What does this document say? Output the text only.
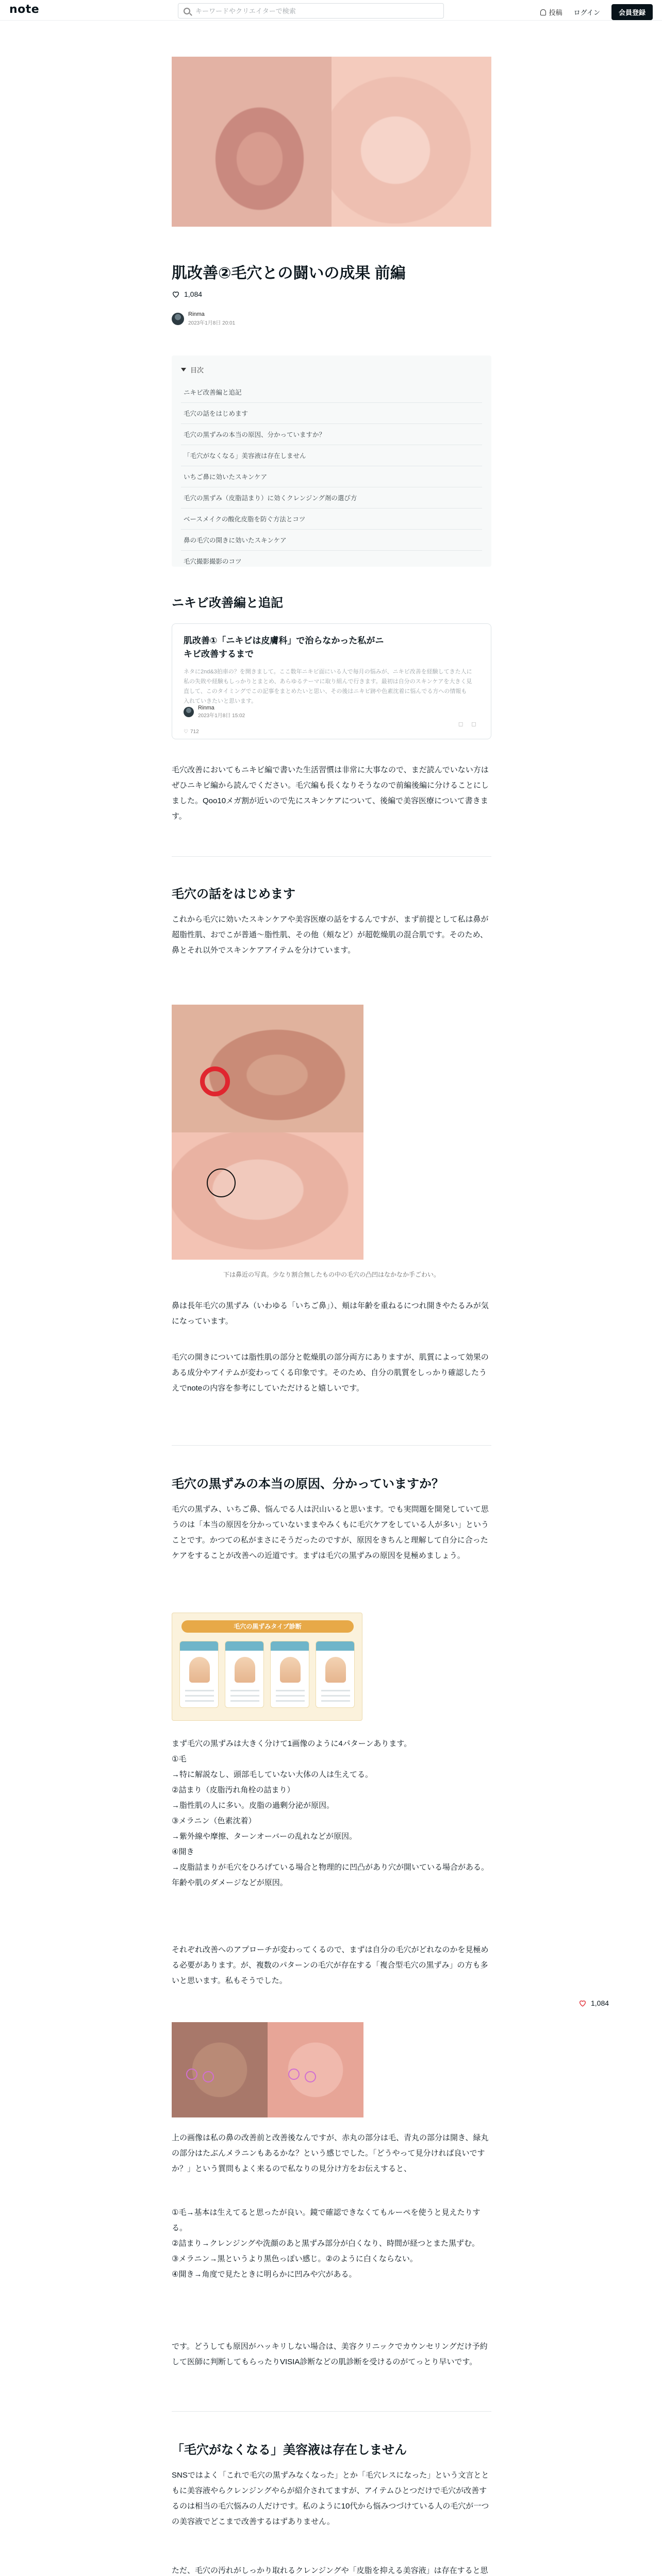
note
キーワードやクリエイターで検索	投稿 ログイン	会員登録
肌改善②毛穴との闘いの成果 前編
1,084
Rinma
2023年1月8日 20:01
目次
ニキビ改善編と追記
毛穴の話をはじめます
毛穴の黒ずみの本当の原因、分かっていますか？
「毛穴がなくなる」美容液は存在しません
いちご鼻に効いたスキンケア
毛穴の黒ずみ（皮脂詰まり）に効くクレンジング剤の選び方
ベースメイクの酸化皮脂を防ぐ方法とコツ
鼻の毛穴の開きに効いたスキンケア
毛穴撮影撮影のコツ
ニキビ改善編と追記
肌改善①「ニキビは皮膚科」で治らなかった私がニキビ改善するまで
ネタに2nd&3拍車の？を開きまして。ここ数年ニキビ面にいる人で毎月の悩みが、ニキビ改善を経験してきた人に私の失敗や経験もしっかりとまとめ、あらゆるテーマに取り組んで行きます。最初は自分のスキンケアを大きく見直して、このタイミングでこの記事をまとめたいと思い、その後はニキビ跡や色素沈着に悩んでる方への情報も入れていきたいと思います。
Rinma
2023年1月8日 15:02
♡ 712
◻ ◻
毛穴改善においてもニキビ編で書いた生活習慣は非常に大事なので、まだ読んでいない方はぜひニキビ編から読んでください。毛穴編も長くなりそうなので前編後編に分けることにしました。Qoo10メガ割が近いので先にスキンケアについて、後編で美容医療について書きます。
毛穴の話をはじめます
これから毛穴に効いたスキンケアや美容医療の話をするんですが、まず前提として私は鼻が超脂性肌、おでこが普通〜脂性肌、その他（頬など）が超乾燥肌の混合肌です。そのため、鼻とそれ以外でスキンケアアイテムを分けています。
下は鼻近の写真。少なり割合無したもの中の毛穴の凸凹はなかなか手ごわい。
鼻は長年毛穴の黒ずみ（いわゆる「いちご鼻」）、頬は年齢を重ねるにつれ開きやたるみが気になっています。
毛穴の開きについては脂性肌の部分と乾燥肌の部分両方にありますが、肌質によって効果のある成分やアイテムが変わってくる印象です。そのため、自分の肌質をしっかり確認したうえでnoteの内容を参考にしていただけると嬉しいです。
毛穴の黒ずみの本当の原因、分かっていますか？
毛穴の黒ずみ、いちご鼻、悩んでる人は沢山いると思います。でも実問題を開発していて思うのは「本当の原因を分かっていないままやみくもに毛穴ケアをしている人が多い」ということです。かつての私がまさにそうだったのですが、原因をきちんと理解して自分に合ったケアをすることが改善への近道です。まずは毛穴の黒ずみの原因を見極めましょう。
毛穴の黒ずみタイプ診断
まず毛穴の黒ずみは大きく分けて1画像のように4パターンあります。
①毛
→特に解説なし、頭部毛していない大体の人は生えてる。
②詰まり（皮脂汚れ角栓の詰まり）
→脂性肌の人に多い。皮脂の過剰分泌が原因。
③メラニン（色素沈着）
→紫外線や摩擦、ターンオーバーの乱れなどが原因。
④開き
→皮脂詰まりが毛穴をひろげている場合と物理的に凹凸があり穴が開いている場合がある。年齢や肌のダメージなどが原因。
それぞれ改善へのアプローチが変わってくるので、まずは自分の毛穴がどれなのかを見極める必要があります。が、複数のパターンの毛穴が存在する「複合型毛穴の黒ずみ」の方も多いと思います。私もそうでした。
1,084
上の画像は私の鼻の改善前と改善後なんですが、赤丸の部分は毛、青丸の部分は開き、緑丸の部分はたぶんメラニンもあるかな？という感じでした。「どうやって見分ければ良いですか？」という質問もよく来るので私なりの見分け方をお伝えすると、
①毛→基本は生えてると思ったが良い。鏡で確認できなくてもルーペを使うと見えたりする。
②詰まり→クレンジングや洗顔のあと黒ずみ部分が白くなり、時間が経つとまた黒ずむ。
③メラニン→黒というより黒色っぽい感じ。②のように白くならない。
④開き→角度で見たときに明らかに凹みや穴がある。
です。どうしても原因がハッキリしない場合は、美容クリニックでカウンセリングだけ予約して医師に判断してもらったりVISIA診断などの肌診断を受けるのがてっとり早いです。
「毛穴がなくなる」美容液は存在しません
SNSではよく「これで毛穴の黒ずみなくなった」とか「毛穴レスになった」という文言とともに美容液やらクレンジングやらが紹介されてますが、アイテムひとつだけで毛穴が改善するのは相当の毛穴悩みの人だけです。私のように10代から悩みつづけている人の毛穴が一つの美容液でどこまで改善するはずありません。
ただ、毛穴の汚れがしっかり取れるクレンジングや「皮脂を抑える美容液」は存在すると思
